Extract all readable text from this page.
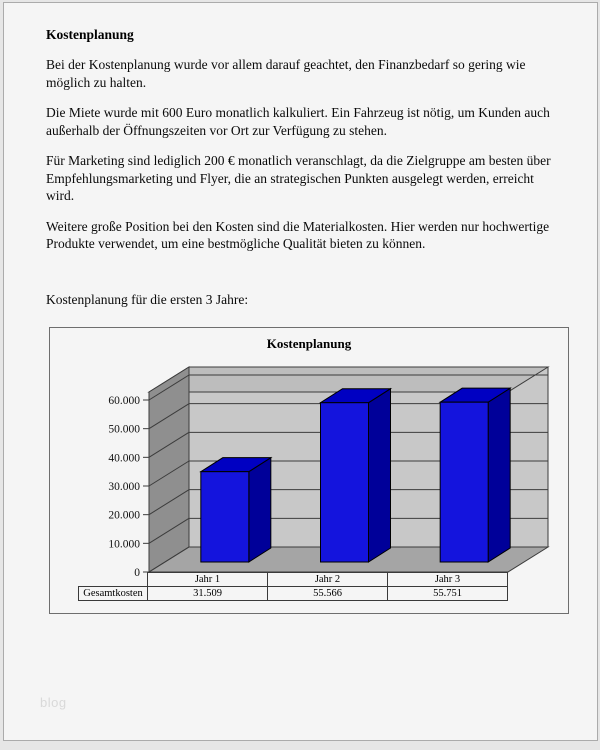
Kostenplanung

Bei der Kostenplanung wurde vor allem darauf geachtet, den Finanzbedarf so gering wie möglich zu halten.

Die Miete wurde mit 600 Euro monatlich kalkuliert. Ein Fahrzeug ist nötig, um Kunden auch außerhalb der Öffnungszeiten vor Ort zur Verfügung zu stehen.

Für Marketing sind lediglich 200 € monatlich veranschlagt, da die Zielgruppe am besten über Empfehlungsmarketing und Flyer, die an strategischen Punkten ausgelegt werden, erreicht wird.

Weitere große Position bei den Kosten sind die Materialkosten. Hier werden nur hochwertige Produkte verwendet, um eine bestmögliche Qualität bieten zu können.

Kostenplanung für die ersten 3 Jahre:

0
10.000
20.000
30.000
40.000
50.000
60.000
Kostenplanung
	Jahr 1	Jahr 2	Jahr 3
Gesamtkosten	31.509	55.566	55.751
blog
